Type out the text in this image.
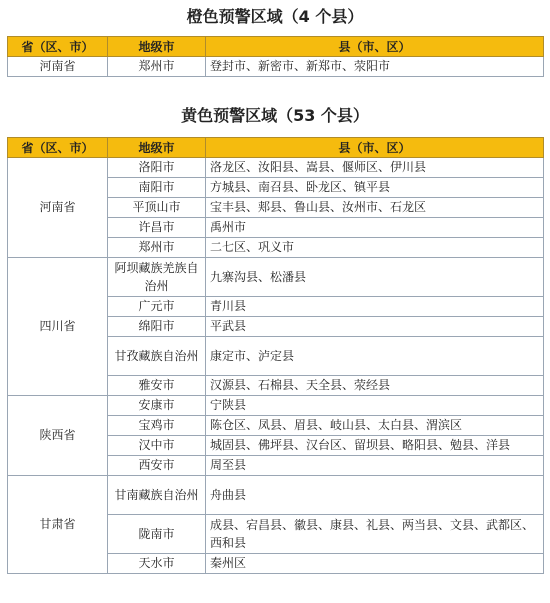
橙色预警区域（4 个县）
省（区、市）	地级市	县（市、区）
河南省	郑州市	登封市、新密市、新郑市、荥阳市
黄色预警区域（53 个县）
省（区、市）	地级市	县（市、区）
河南省	洛阳市	洛龙区、汝阳县、嵩县、偃师区、伊川县
	南阳市	方城县、南召县、卧龙区、镇平县
	平顶山市	宝丰县、郏县、鲁山县、汝州市、石龙区
	许昌市	禹州市
	郑州市	二七区、巩义市
四川省	阿坝藏族羌族自治州	九寨沟县、松潘县
	广元市	青川县
	绵阳市	平武县
	甘孜藏族自治州	康定市、泸定县
	雅安市	汉源县、石棉县、天全县、荥经县
陕西省	安康市	宁陕县
	宝鸡市	陈仓区、凤县、眉县、岐山县、太白县、渭滨区
	汉中市	城固县、佛坪县、汉台区、留坝县、略阳县、勉县、洋县
	西安市	周至县
甘肃省	甘南藏族自治州	舟曲县
	陇南市	成县、宕昌县、徽县、康县、礼县、两当县、文县、武都区、西和县
	天水市	秦州区
